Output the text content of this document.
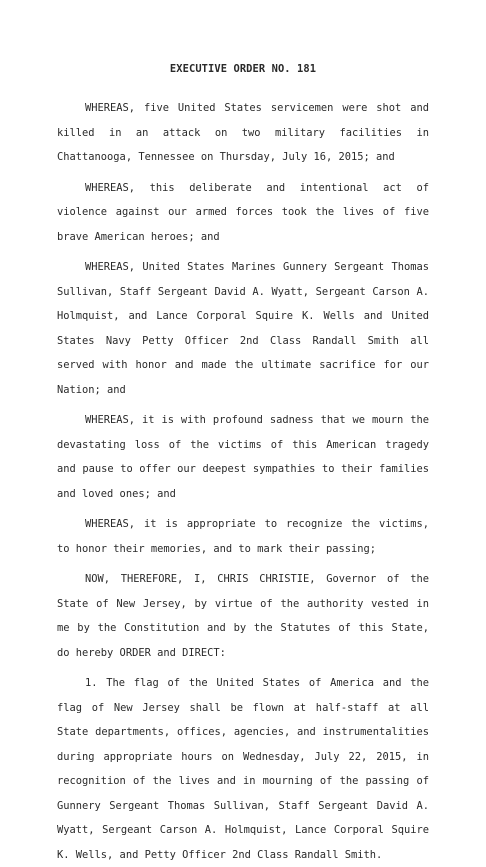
EXECUTIVE ORDER NO. 181

WHEREAS, five United States servicemen were shot and killed in an attack on two military facilities in Chattanooga, Tennessee on Thursday, July 16, 2015; and

WHEREAS, this deliberate and intentional act of violence against our armed forces took the lives of five brave American heroes; and

WHEREAS, United States Marines Gunnery Sergeant Thomas Sullivan, Staff Sergeant David A. Wyatt, Sergeant Carson A. Holmquist, and Lance Corporal Squire K. Wells and United States Navy Petty Officer 2nd Class Randall Smith all served with honor and made the ultimate sacrifice for our Nation; and

WHEREAS, it is with profound sadness that we mourn the devastating loss of the victims of this American tragedy and pause to offer our deepest sympathies to their families and loved ones; and

WHEREAS, it is appropriate to recognize the victims, to honor their memories, and to mark their passing;

NOW, THEREFORE, I, CHRIS CHRISTIE, Governor of the State of New Jersey, by virtue of the authority vested in me by the Constitution and by the Statutes of this State, do hereby ORDER and DIRECT:

1. The flag of the United States of America and the flag of New Jersey shall be flown at half-staff at all State departments, offices, agencies, and instrumentalities during appropriate hours on Wednesday, July 22, 2015, in recognition of the lives and in mourning of the passing of Gunnery Sergeant Thomas Sullivan, Staff Sergeant David A. Wyatt, Sergeant Carson A. Holmquist, Lance Corporal Squire K. Wells, and Petty Officer 2nd Class Randall Smith.
